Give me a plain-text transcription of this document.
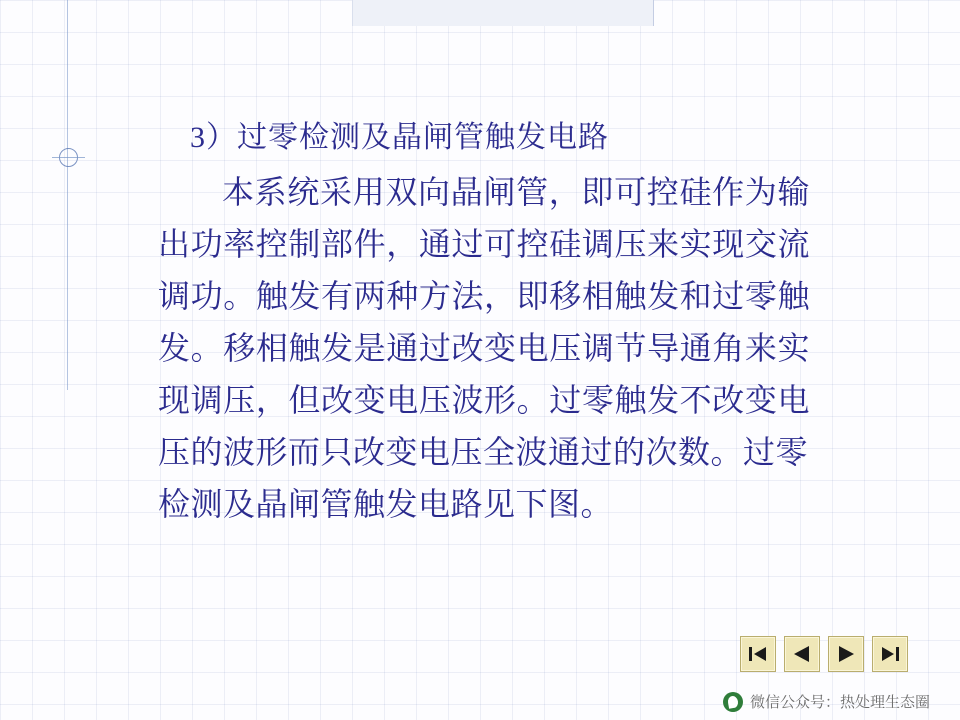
3）过零检测及晶闸管触发电路
本系统采用双向晶闸管，即可控硅作为输出功率控制部件，通过可控硅调压来实现交流调功。触发有两种方法，即移相触发和过零触发。移相触发是通过改变电压调节导通角来实现调压，但改变电压波形。过零触发不改变电压的波形而只改变电压全波通过的次数。过零
检测及晶闸管触发电路见下图。
微信公众号：热处理生态圈
